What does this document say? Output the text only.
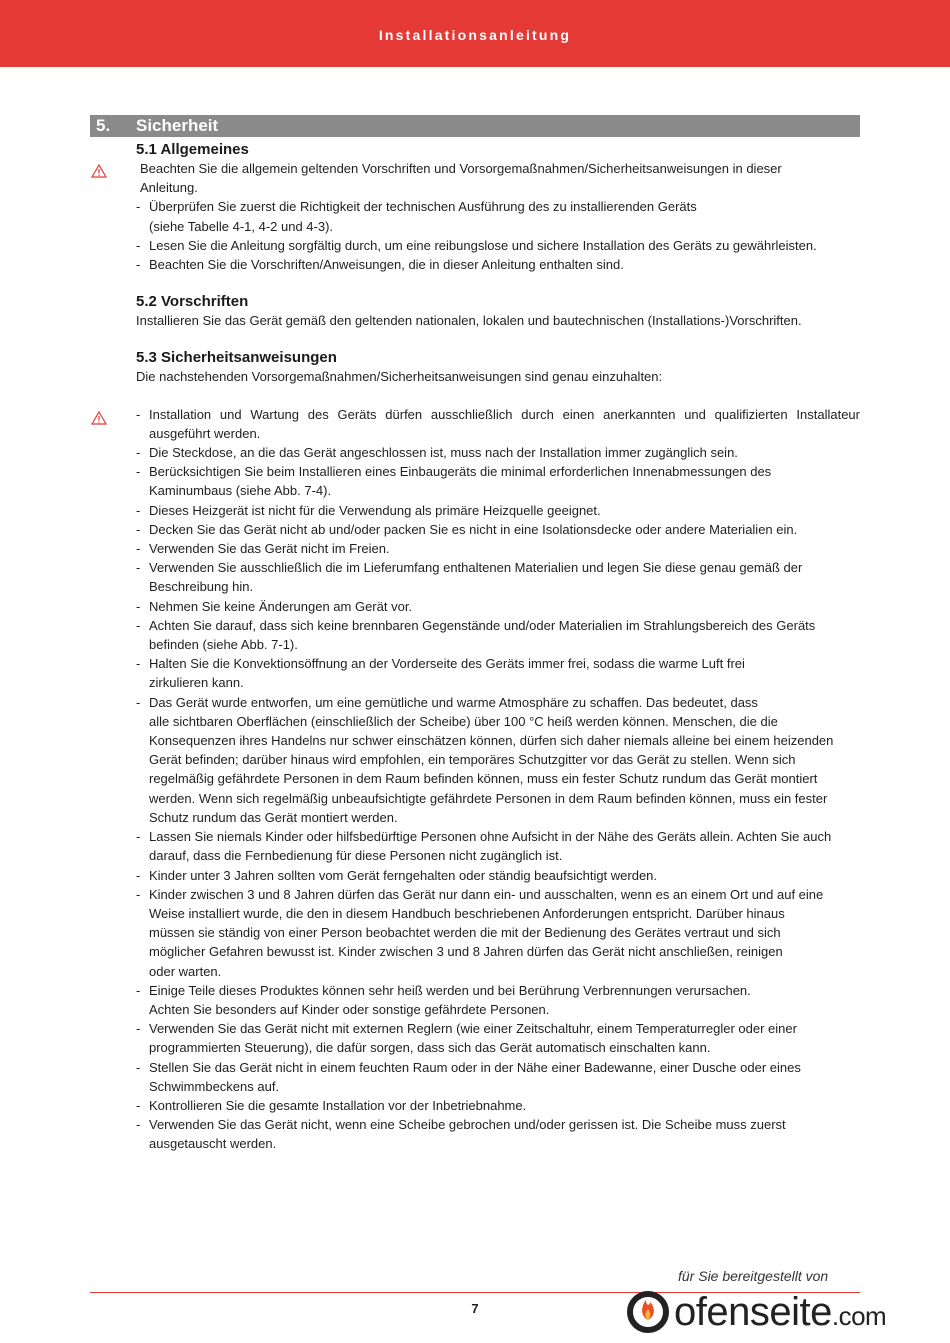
Installationsanleitung
5. Sicherheit
5.1 Allgemeines
Beachten Sie die allgemein geltenden Vorschriften und Vorsorgemaßnahmen/Sicherheitsanweisungen in dieser
Anleitung.
- Überprüfen Sie zuerst die Richtigkeit der technischen Ausführung des zu installierenden Geräts
(siehe Tabelle 4-1, 4-2 und 4-3).
- Lesen Sie die Anleitung sorgfältig durch, um eine reibungslose und sichere Installation des Geräts zu gewährleisten.
- Beachten Sie die Vorschriften/Anweisungen, die in dieser Anleitung enthalten sind.
5.2 Vorschriften
Installieren Sie das Gerät gemäß den geltenden nationalen, lokalen und bautechnischen (Installations-)Vorschriften.
5.3 Sicherheitsanweisungen
Die nachstehenden Vorsorgemaßnahmen/Sicherheitsanweisungen sind genau einzuhalten:
- Installation und Wartung des Geräts dürfen ausschließlich durch einen anerkannten und qualifizierten Installateur
ausgeführt werden.
- Die Steckdose, an die das Gerät angeschlossen ist, muss nach der Installation immer zugänglich sein.
- Berücksichtigen Sie beim Installieren eines Einbaugeräts die minimal erforderlichen Innenabmessungen des
Kaminumbaus (siehe Abb. 7-4).
- Dieses Heizgerät ist nicht für die Verwendung als primäre Heizquelle geeignet.
- Decken Sie das Gerät nicht ab und/oder packen Sie es nicht in eine Isolationsdecke oder andere Materialien ein.
- Verwenden Sie das Gerät nicht im Freien.
- Verwenden Sie ausschließlich die im Lieferumfang enthaltenen Materialien und legen Sie diese genau gemäß der
Beschreibung hin.
- Nehmen Sie keine Änderungen am Gerät vor.
- Achten Sie darauf, dass sich keine brennbaren Gegenstände und/oder Materialien im Strahlungsbereich des Geräts
befinden (siehe Abb. 7-1).
- Halten Sie die Konvektionsöffnung an der Vorderseite des Geräts immer frei, sodass die warme Luft frei
zirkulieren kann.
- Das Gerät wurde entworfen, um eine gemütliche und warme Atmosphäre zu schaffen. Das bedeutet, dass
alle sichtbaren Oberflächen (einschließlich der Scheibe) über 100 °C heiß werden können. Menschen, die die
Konsequenzen ihres Handelns nur schwer einschätzen können, dürfen sich daher niemals alleine bei einem heizenden
Gerät befinden; darüber hinaus wird empfohlen, ein temporäres Schutzgitter vor das Gerät zu stellen. Wenn sich
regelmäßig gefährdete Personen in dem Raum befinden können, muss ein fester Schutz rundum das Gerät montiert
werden. Wenn sich regelmäßig unbeaufsichtigte gefährdete Personen in dem Raum befinden können, muss ein fester
Schutz rundum das Gerät montiert werden.
- Lassen Sie niemals Kinder oder hilfsbedürftige Personen ohne Aufsicht in der Nähe des Geräts allein. Achten Sie auch
darauf, dass die Fernbedienung für diese Personen nicht zugänglich ist.
- Kinder unter 3 Jahren sollten vom Gerät ferngehalten oder ständig beaufsichtigt werden.
- Kinder zwischen 3 und 8 Jahren dürfen das Gerät nur dann ein- und ausschalten, wenn es an einem Ort und auf eine
Weise installiert wurde, die den in diesem Handbuch beschriebenen Anforderungen entspricht. Darüber hinaus
müssen sie ständig von einer Person beobachtet werden die mit der Bedienung des Gerätes vertraut und sich
möglicher Gefahren bewusst ist. Kinder zwischen 3 und 8 Jahren dürfen das Gerät nicht anschließen, reinigen
oder warten.
- Einige Teile dieses Produktes können sehr heiß werden und bei Berührung Verbrennungen verursachen.
Achten Sie besonders auf Kinder oder sonstige gefährdete Personen.
- Verwenden Sie das Gerät nicht mit externen Reglern (wie einer Zeitschaltuhr, einem Temperaturregler oder einer
programmierten Steuerung), die dafür sorgen, dass sich das Gerät automatisch einschalten kann.
- Stellen Sie das Gerät nicht in einem feuchten Raum oder in der Nähe einer Badewanne, einer Dusche oder eines
Schwimmbeckens auf.
- Kontrollieren Sie die gesamte Installation vor der Inbetriebnahme.
- Verwenden Sie das Gerät nicht, wenn eine Scheibe gebrochen und/oder gerissen ist. Die Scheibe muss zuerst
ausgetauscht werden.
für Sie bereitgestellt von
7	ofenseite.com
